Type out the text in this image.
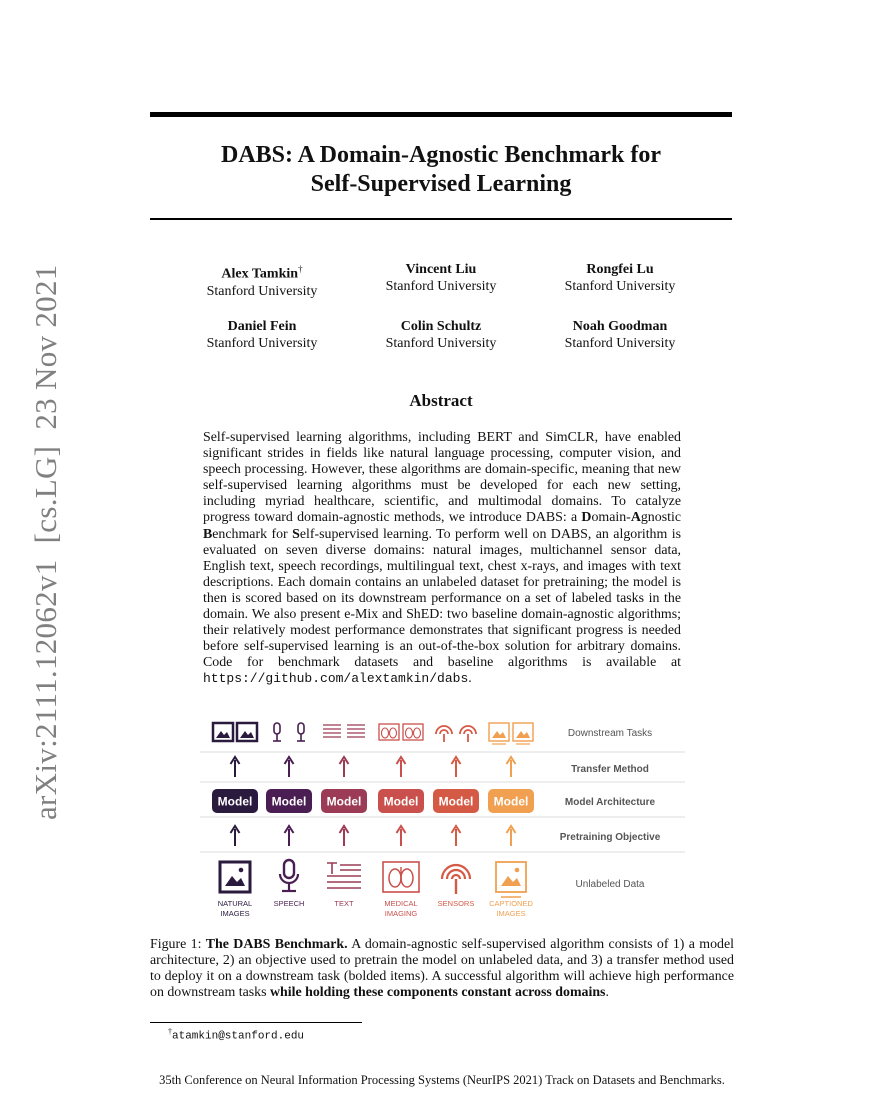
arXiv:2111.12062v1  [cs.LG]  23 Nov 2021
DABS: A Domain-Agnostic Benchmark for
Self-Supervised Learning
Alex Tamkin†
Stanford University
Vincent Liu
Stanford University
Rongfei Lu
Stanford University
Daniel Fein
Stanford University
Colin Schultz
Stanford University
Noah Goodman
Stanford University
Abstract
Self-supervised learning algorithms, including BERT and SimCLR, have enabled significant strides in fields like natural language processing, computer vision, and speech processing. However, these algorithms are domain-specific, meaning that new self-supervised learning algorithms must be developed for each new setting, including myriad healthcare, scientific, and multimodal domains. To catalyze progress toward domain-agnostic methods, we introduce DABS: a Domain-Agnostic Benchmark for Self-supervised learning. To perform well on DABS, an algorithm is evaluated on seven diverse domains: natural images, multichannel sensor data, English text, speech recordings, multilingual text, chest x-rays, and images with text descriptions. Each domain contains an unlabeled dataset for pretraining; the model is then is scored based on its downstream performance on a set of labeled tasks in the domain. We also present e-Mix and ShED: two baseline domain-agnostic algorithms; their relatively modest performance demonstrates that significant progress is needed before self-supervised learning is an out-of-the-box solution for arbitrary domains. Code for benchmark datasets and baseline algorithms is available at https://github.com/alextamkin/dabs.
Model
NATURAL
IMAGES
Model
SPEECH
Model
TEXT
Model
MEDICAL
IMAGING
Model
SENSORS
Model
CAPTIONED
IMAGES
Downstream Tasks
Transfer Method
Model Architecture
Pretraining Objective
Unlabeled Data
Figure 1: The DABS Benchmark. A domain-agnostic self-supervised algorithm consists of 1) a model architecture, 2) an objective used to pretrain the model on unlabeled data, and 3) a transfer method used to deploy it on a downstream task (bolded items). A successful algorithm will achieve high performance on downstream tasks while holding these components constant across domains.
†atamkin@stanford.edu
35th Conference on Neural Information Processing Systems (NeurIPS 2021) Track on Datasets and Benchmarks.
